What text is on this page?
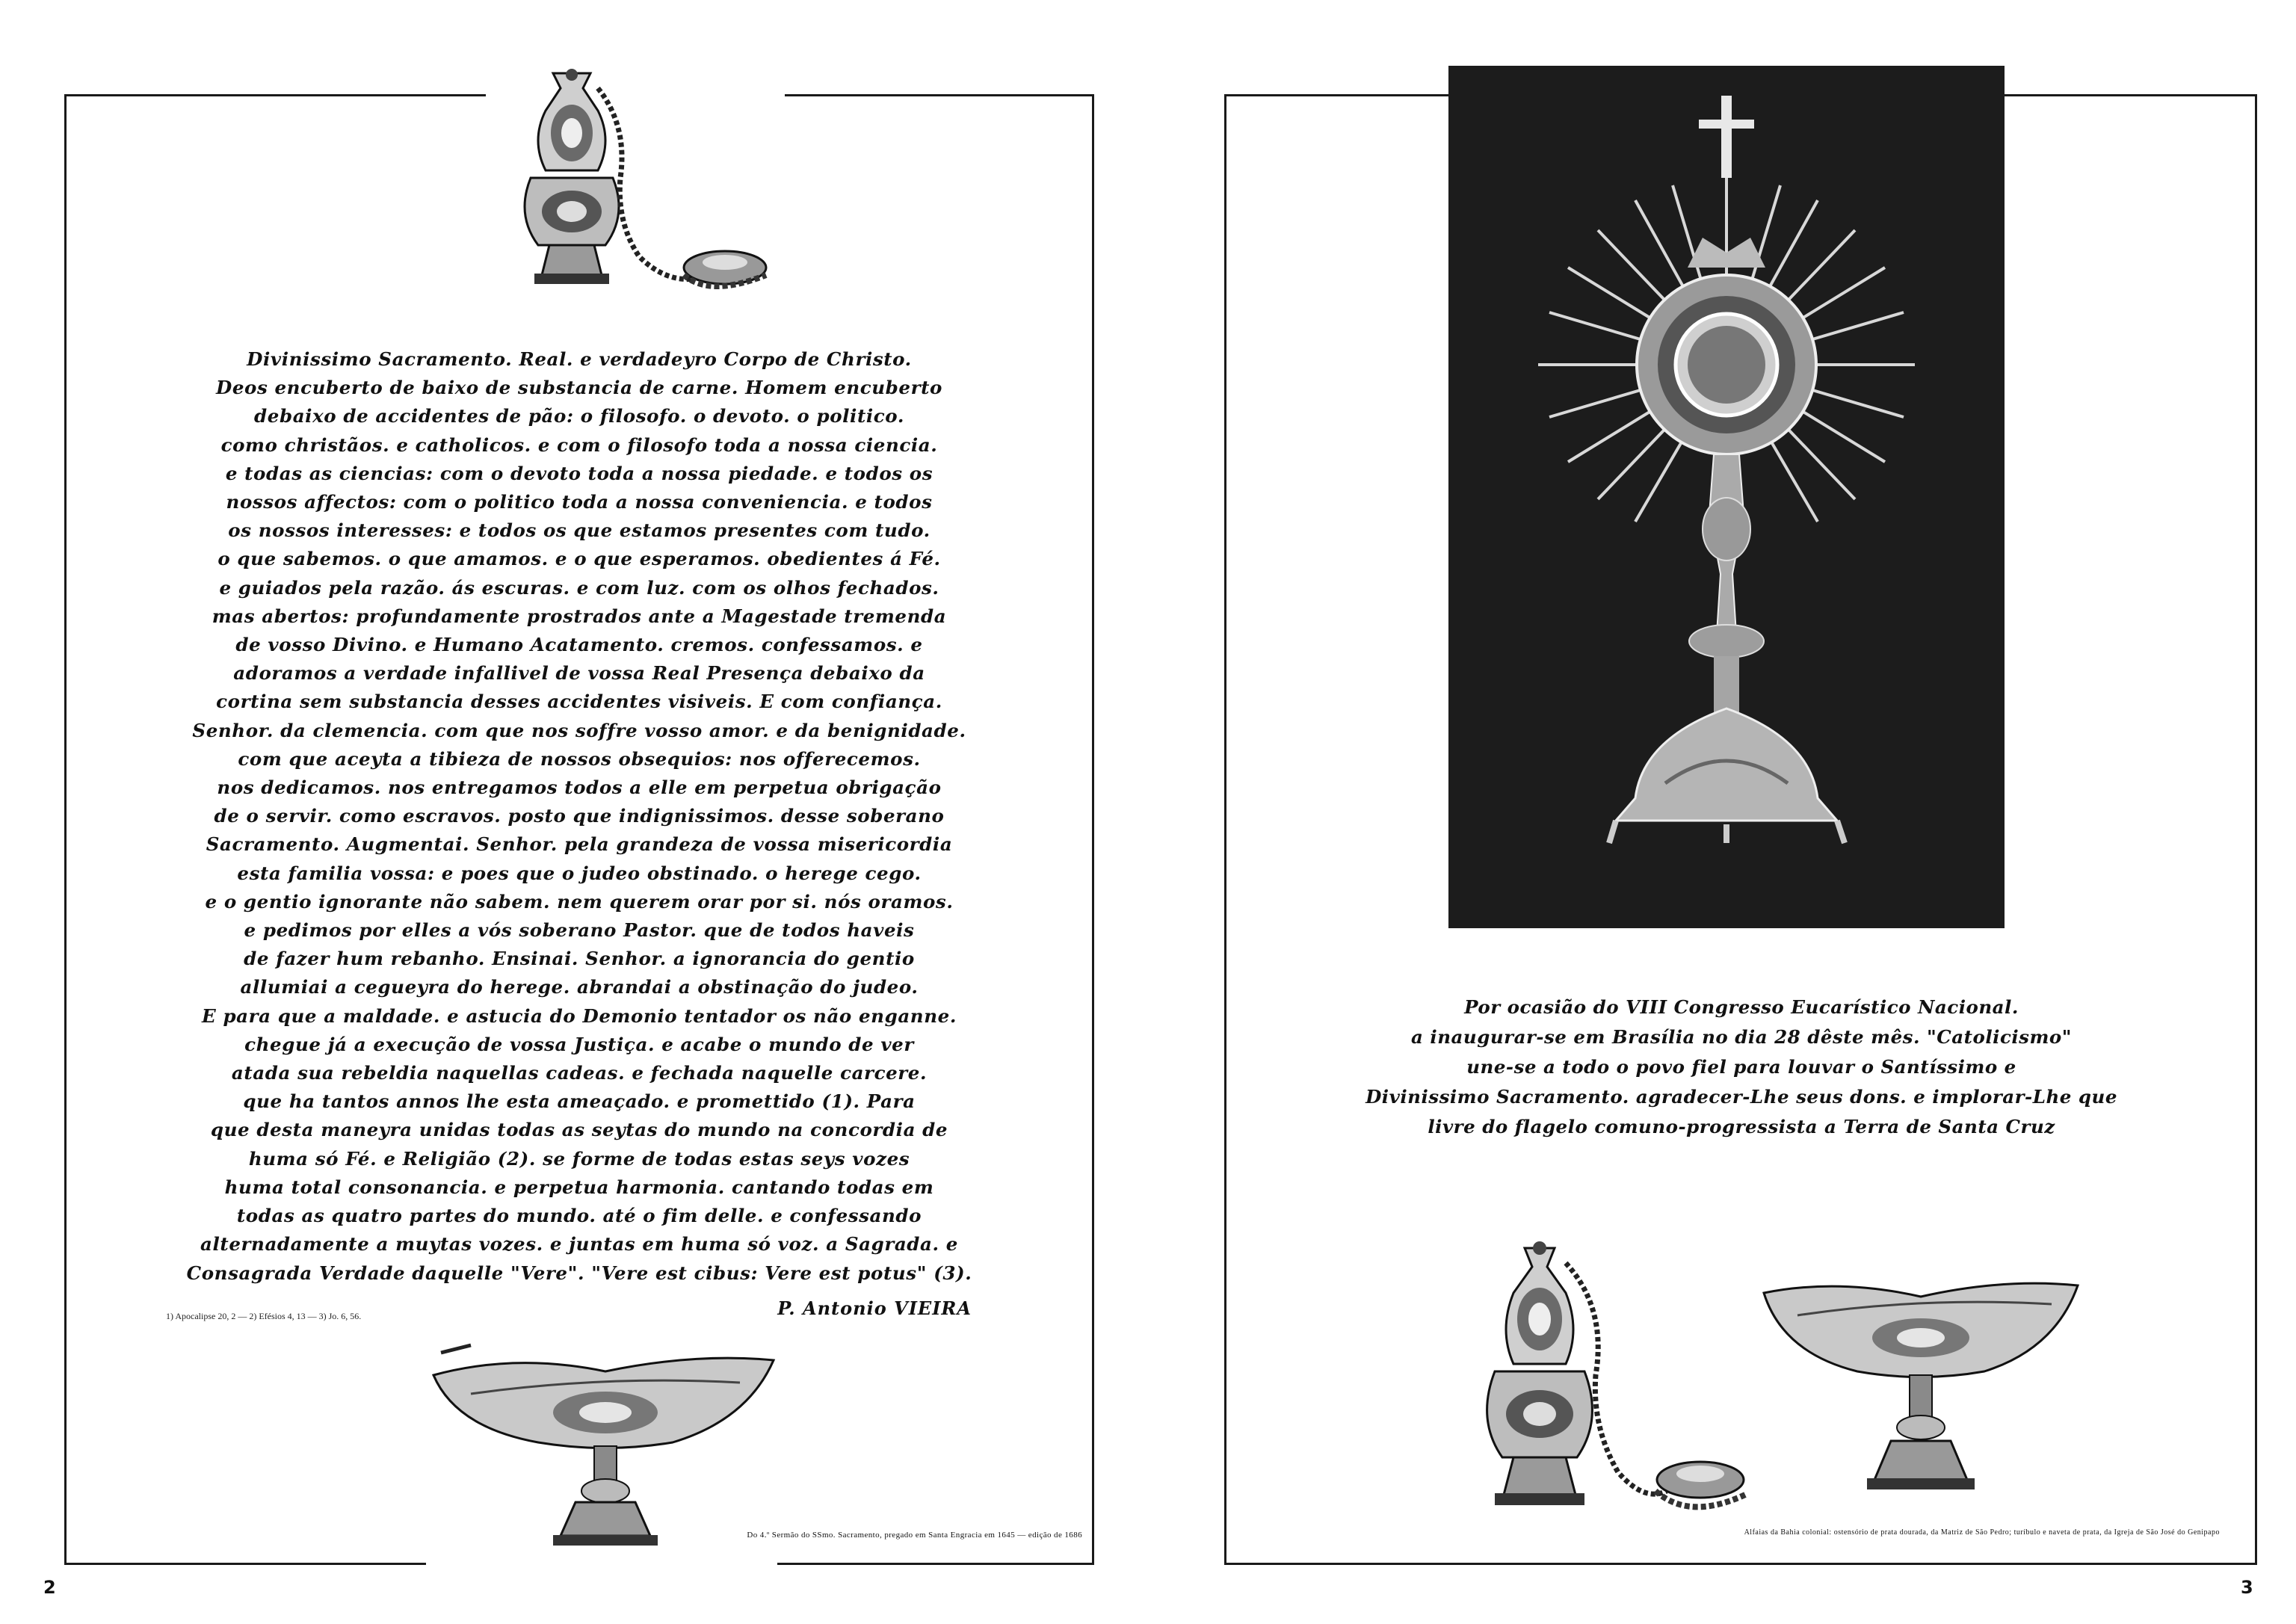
Divinissimo Sacramento. Real. e verdadeyro Corpo de Christo.
Deos encuberto de baixo de substancia de carne. Homem encuberto
debaixo de accidentes de pão: o filosofo. o devoto. o politico.
como christãos. e catholicos. e com o filosofo toda a nossa ciencia.
e todas as ciencias: com o devoto toda a nossa piedade. e todos os
nossos affectos: com o politico toda a nossa conveniencia. e todos
os nossos interesses: e todos os que estamos presentes com tudo.
o que sabemos. o que amamos. e o que esperamos. obedientes á Fé.
e guiados pela razão. ás escuras. e com luz. com os olhos fechados.
mas abertos: profundamente prostrados ante a Magestade tremenda
de vosso Divino. e Humano Acatamento. cremos. confessamos. e
adoramos a verdade infallivel de vossa Real Presença debaixo da
cortina sem substancia desses accidentes visiveis. E com confiança.
Senhor. da clemencia. com que nos soffre vosso amor. e da benignidade.
com que aceyta a tibieza de nossos obsequios: nos offerecemos.
nos dedicamos. nos entregamos todos a elle em perpetua obrigação
de o servir. como escravos. posto que indignissimos. desse soberano
Sacramento. Augmentai. Senhor. pela grandeza de vossa misericordia
esta familia vossa: e poes que o judeo obstinado. o herege cego.
e o gentio ignorante não sabem. nem querem orar por si. nós oramos.
e pedimos por elles a vós soberano Pastor. que de todos haveis
de fazer hum rebanho. Ensinai. Senhor. a ignorancia do gentio
allumiai a cegueyra do herege. abrandai a obstinação do judeo.
E para que a maldade. e astucia do Demonio tentador os não enganne.
chegue já a execução de vossa Justiça. e acabe o mundo de ver
atada sua rebeldia naquellas cadeas. e fechada naquelle carcere.
que ha tantos annos lhe esta ameaçado. e promettido (1). Para
que desta maneyra unidas todas as seytas do mundo na concordia de
huma só Fé. e Religião (2). se forme de todas estas seys vozes
huma total consonancia. e perpetua harmonia. cantando todas em
todas as quatro partes do mundo. até o fim delle. e confessando
alternadamente a muytas vozes. e juntas em huma só voz. a Sagrada. e
Consagrada Verdade daquelle "Vere". "Vere est cibus: Vere est potus" (3).
1) Apocalipse 20, 2 — 2) Efésios 4, 13 — 3) Jo. 6, 56.	P. Antonio VIEIRA
Do 4.º Sermão do SSmo. Sacramento, pregado em Santa Engracia em 1645 — edição de 1686
Por ocasião do VIII Congresso Eucarístico Nacional.
a inaugurar-se em Brasília no dia 28 dêste mês. "Catolicismo"
une-se a todo o povo fiel para louvar o Santíssimo e
Divinissimo Sacramento. agradecer-Lhe seus dons. e implorar-Lhe que
livre do flagelo comuno-progressista a Terra de Santa Cruz
Alfaias da Bahia colonial: ostensório de prata dourada, da Matriz de São Pedro; turíbulo e naveta de prata, da Igreja de São José do Genipapo
2	3
